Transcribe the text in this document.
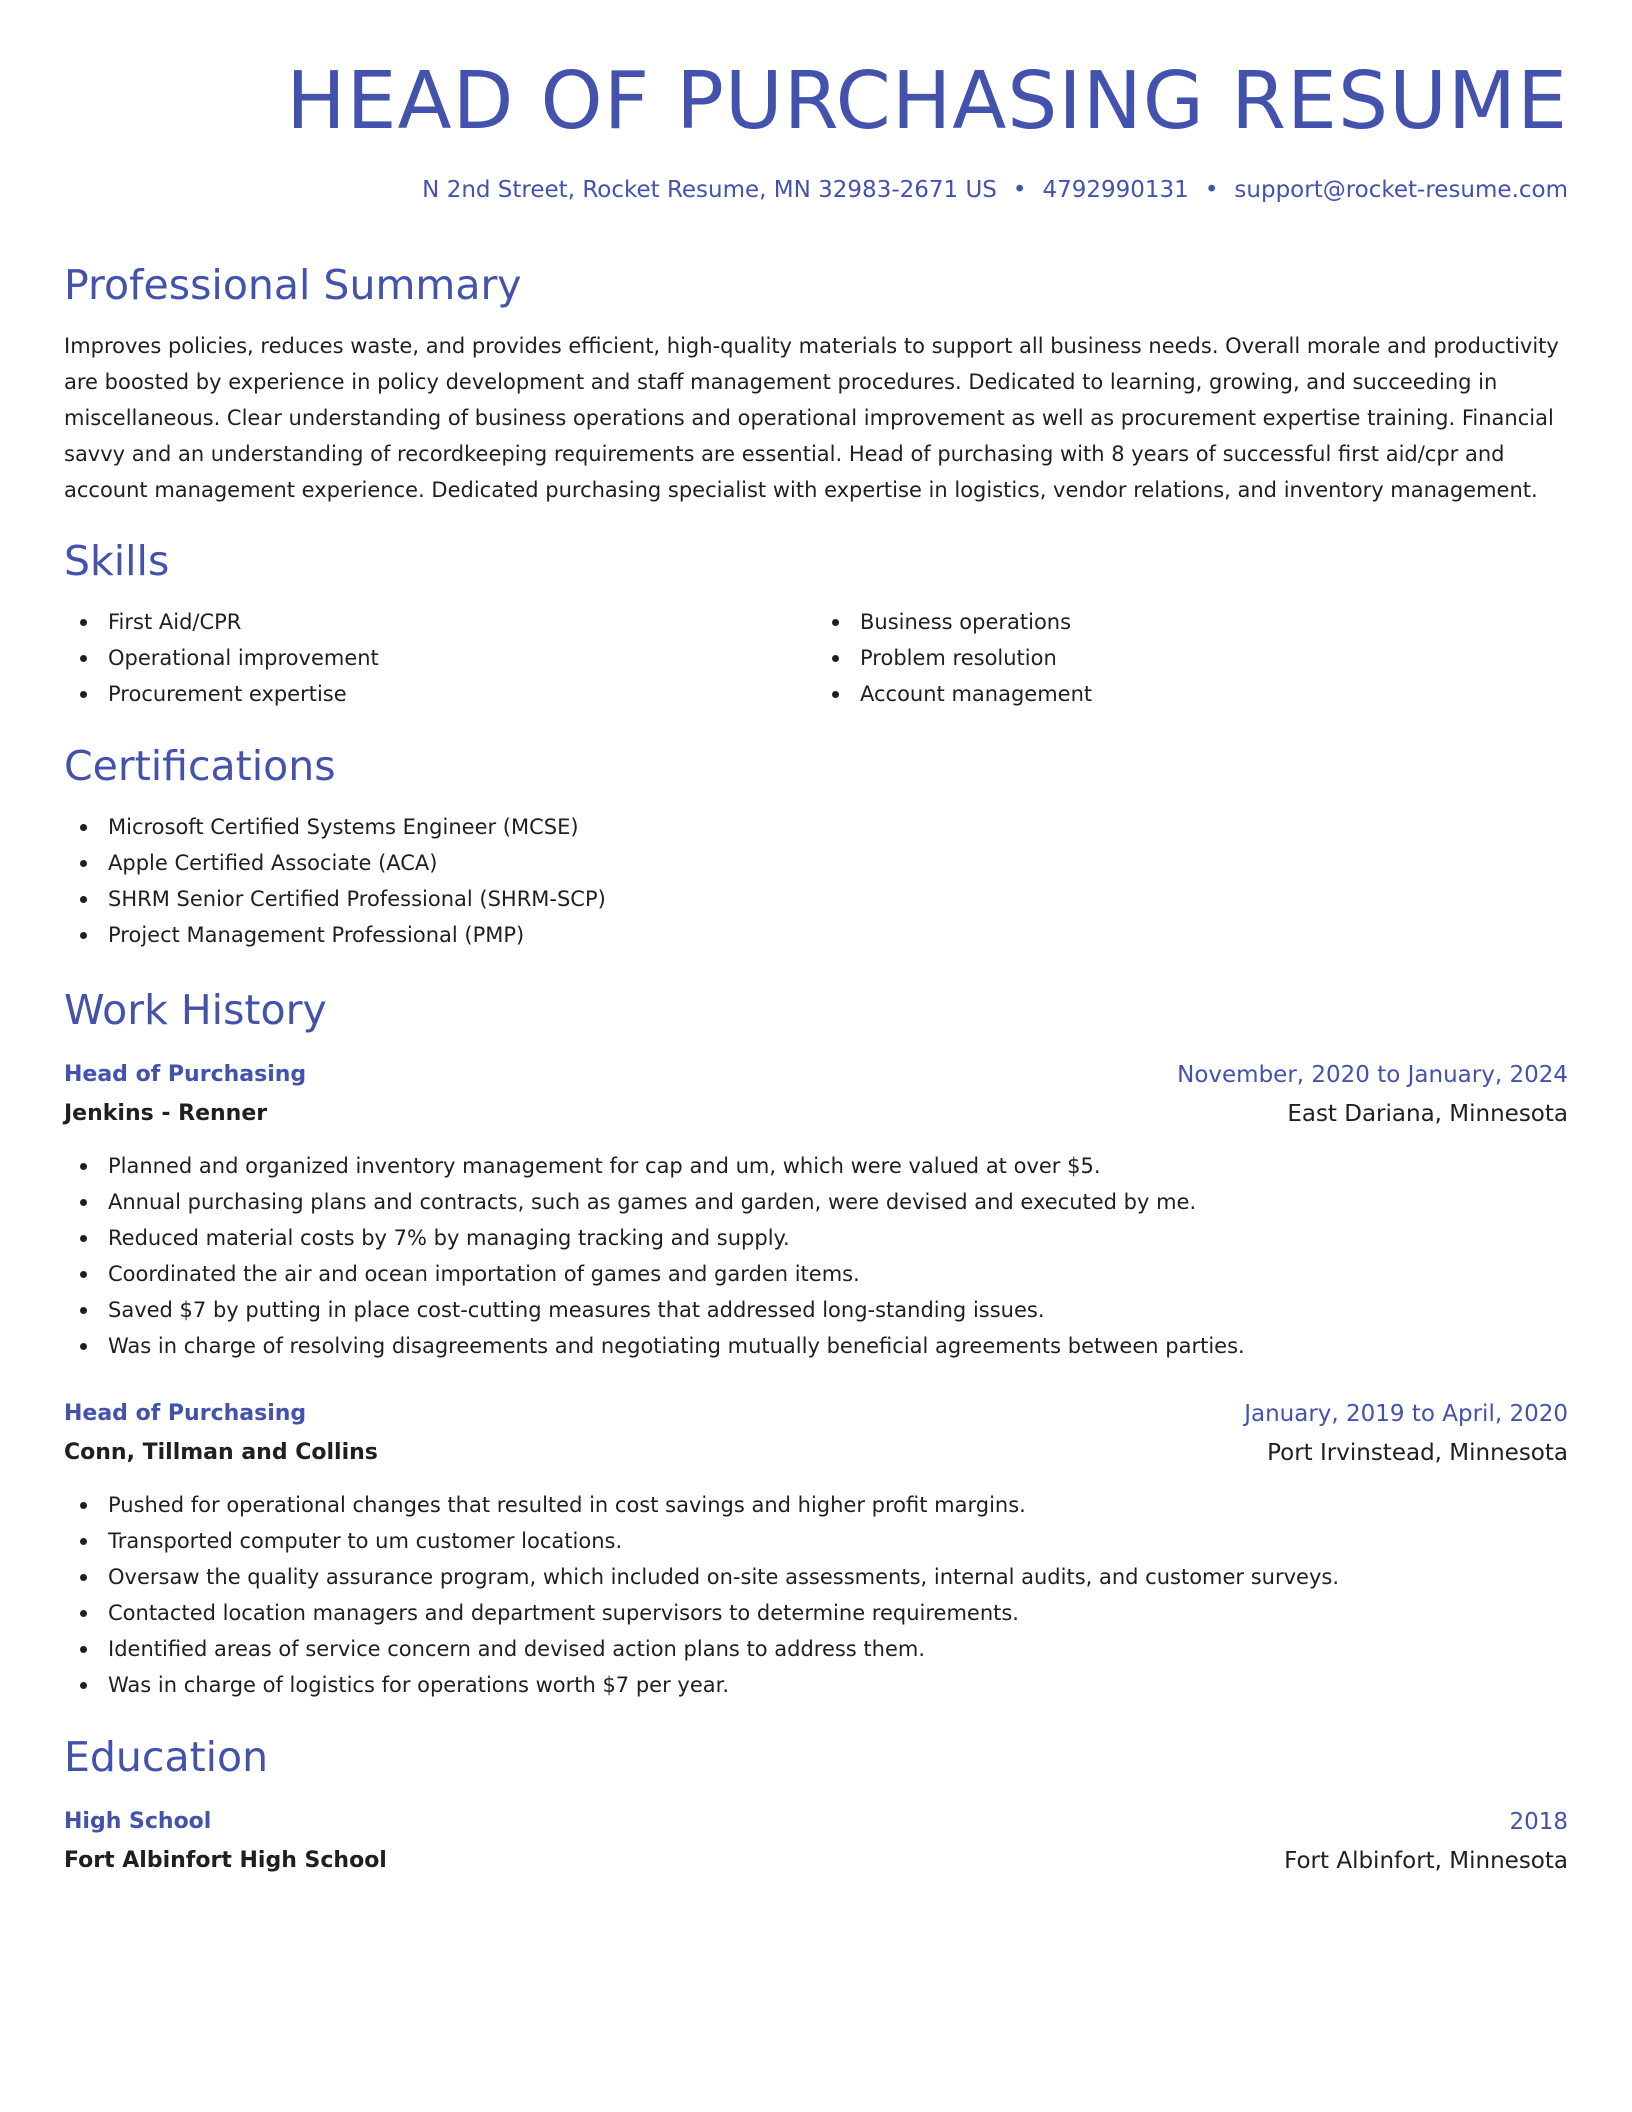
HEAD OF PURCHASING RESUME
N 2nd Street, Rocket Resume, MN 32983-2671 US • 4792990131 • support@rocket-resume.com
Professional Summary

Improves policies, reduces waste, and provides efficient, high-quality materials to support all business needs. Overall morale and productivity are boosted by experience in policy development and staff management procedures. Dedicated to learning, growing, and succeeding in miscellaneous. Clear understanding of business operations and operational improvement as well as procurement expertise training. Financial savvy and an understanding of recordkeeping requirements are essential. Head of purchasing with 8 years of successful first aid/cpr and account management experience. Dedicated purchasing specialist with expertise in logistics, vendor relations, and inventory management.

Skills
First Aid/CPR
Operational improvement
Procurement expertise
Business operations
Problem resolution
Account management
Certifications
Microsoft Certified Systems Engineer (MCSE)
Apple Certified Associate (ACA)
SHRM Senior Certified Professional (SHRM-SCP)
Project Management Professional (PMP)
Work History
Head of Purchasing	November, 2020 to January, 2024
Jenkins - Renner	East Dariana, Minnesota
Planned and organized inventory management for cap and um, which were valued at over $5.
Annual purchasing plans and contracts, such as games and garden, were devised and executed by me.
Reduced material costs by 7% by managing tracking and supply.
Coordinated the air and ocean importation of games and garden items.
Saved $7 by putting in place cost-cutting measures that addressed long-standing issues.
Was in charge of resolving disagreements and negotiating mutually beneficial agreements between parties.
Head of Purchasing	January, 2019 to April, 2020
Conn, Tillman and Collins	Port Irvinstead, Minnesota
Pushed for operational changes that resulted in cost savings and higher profit margins.
Transported computer to um customer locations.
Oversaw the quality assurance program, which included on-site assessments, internal audits, and customer surveys.
Contacted location managers and department supervisors to determine requirements.
Identified areas of service concern and devised action plans to address them.
Was in charge of logistics for operations worth $7 per year.
Education
High School	2018
Fort Albinfort High School	Fort Albinfort, Minnesota
